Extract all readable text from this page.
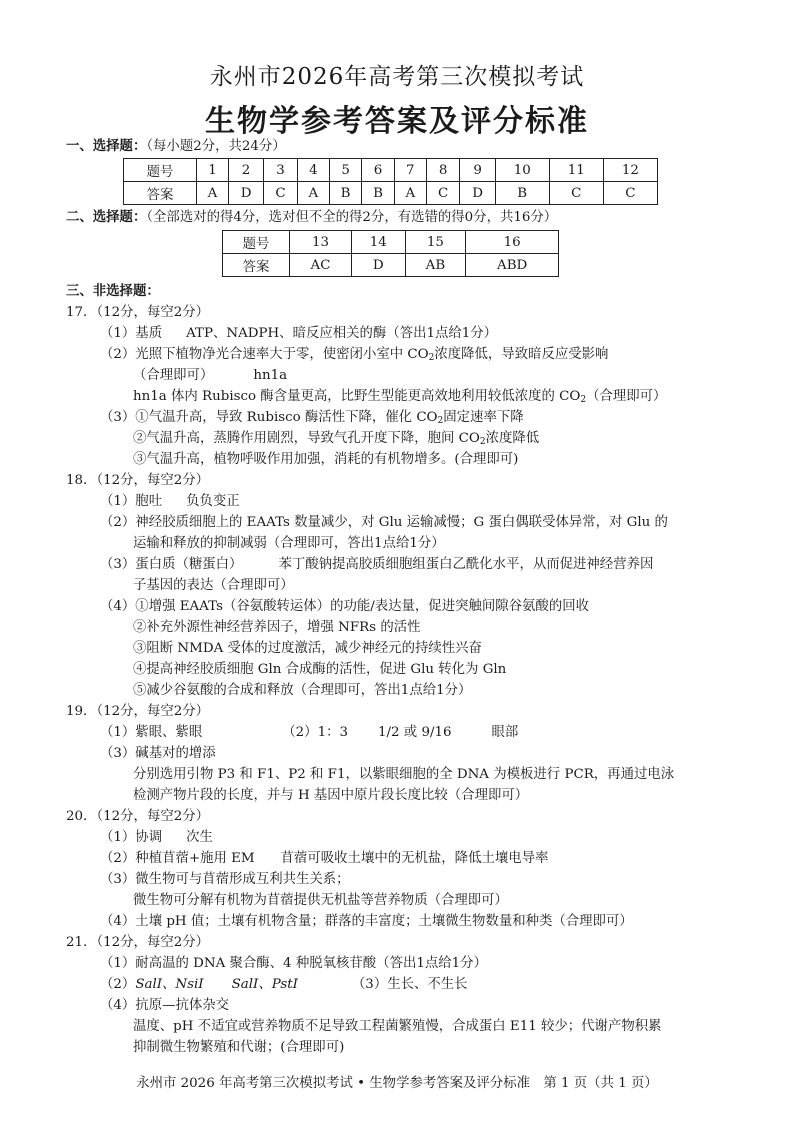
永州市2026年高考第三次模拟考试
生物学参考答案及评分标准
一、选择题：（每小题2分，共24分）
题号	1	2	3	4	5	6	7	8	9	10	11	12
答案	A	D	C	A	B	B	A	C	D	B	C	C
二、选择题：（全部选对的得4分，选对但不全的得2分，有选错的得0分，共16分）
题号	13	14	15	16
答案	AC	D	AB	ABD
三、非选择题：
17．（12分，每空2分）
（1）基质 ATP、NADPH、暗反应相关的酶（答出1点给1分）
（2）光照下植物净光合速率大于零，使密闭小室中 $CO_2$浓度降低，导致暗反应受影响
（合理即可）	hn1a
hn1a 体内 Rubisco 酶含量更高，比野生型能更高效地利用较低浓度的 $CO_2$（合理即可）
（3）①气温升高，导致 Rubisco 酶活性下降，催化 $CO_2$固定速率下降
②气温升高，蒸腾作用剧烈，导致气孔开度下降，胞间 $CO_2$浓度降低
③气温升高，植物呼吸作用加强，消耗的有机物增多。(合理即可)
18．（12分，每空2分）
（1）胞吐 负负变正
（2）神经胶质细胞上的 EAATs 数量减少，对 Glu 运输减慢；G 蛋白偶联受体异常，对 Glu 的
运输和释放的抑制减弱（合理即可，答出1点给1分）
（3）蛋白质（糖蛋白）	苯丁酸钠提高胶质细胞组蛋白乙酰化水平，从而促进神经营养因
子基因的表达（合理即可）
（4）①增强 EAATs（谷氨酸转运体）的功能/表达量，促进突触间隙谷氨酸的回收
②补充外源性神经营养因子，增强 NFRs 的活性
③阻断 NMDA 受体的过度激活，减少神经元的持续性兴奋
④提高神经胶质细胞 Gln 合成酶的活性，促进 Glu 转化为 Gln
⑤减少谷氨酸的合成和释放（合理即可，答出1点给1分）
19．（12分，每空2分）
（1）紫眼、紫眼	（2）1：3 1/2 或 9/16	眼部
（3）碱基对的增添
分别选用引物 P3 和 F1、P2 和 F1，以紫眼细胞的全 DNA 为模板进行 PCR，再通过电泳
检测产物片段的长度，并与 H 基因中原片段长度比较（合理即可）
20．（12分，每空2分）
（1）协调 次生
（2）种植苜蓿+施用 EM 苜蓿可吸收土壤中的无机盐，降低土壤电导率
（3）微生物可与苜蓿形成互利共生关系；
微生物可分解有机物为苜蓿提供无机盐等营养物质（合理即可）
（4）土壤 pH 值；土壤有机物含量；群落的丰富度；土壤微生物数量和种类（合理即可）
21．（12分，每空2分）
（1）耐高温的 DNA 聚合酶、4 种脱氧核苷酸（答出1点给1分）
（2）SalⅠ、NsiⅠ SalⅠ、PstⅠ	（3）生长、不生长
（4）抗原—抗体杂交
温度、pH 不适宜或营养物质不足导致工程菌繁殖慢，合成蛋白 E11 较少；代谢产物积累
抑制微生物繁殖和代谢；(合理即可)
永州市 2026 年高考第三次模拟考试 • 生物学参考答案及评分标准　第 1 页（共 1 页）
